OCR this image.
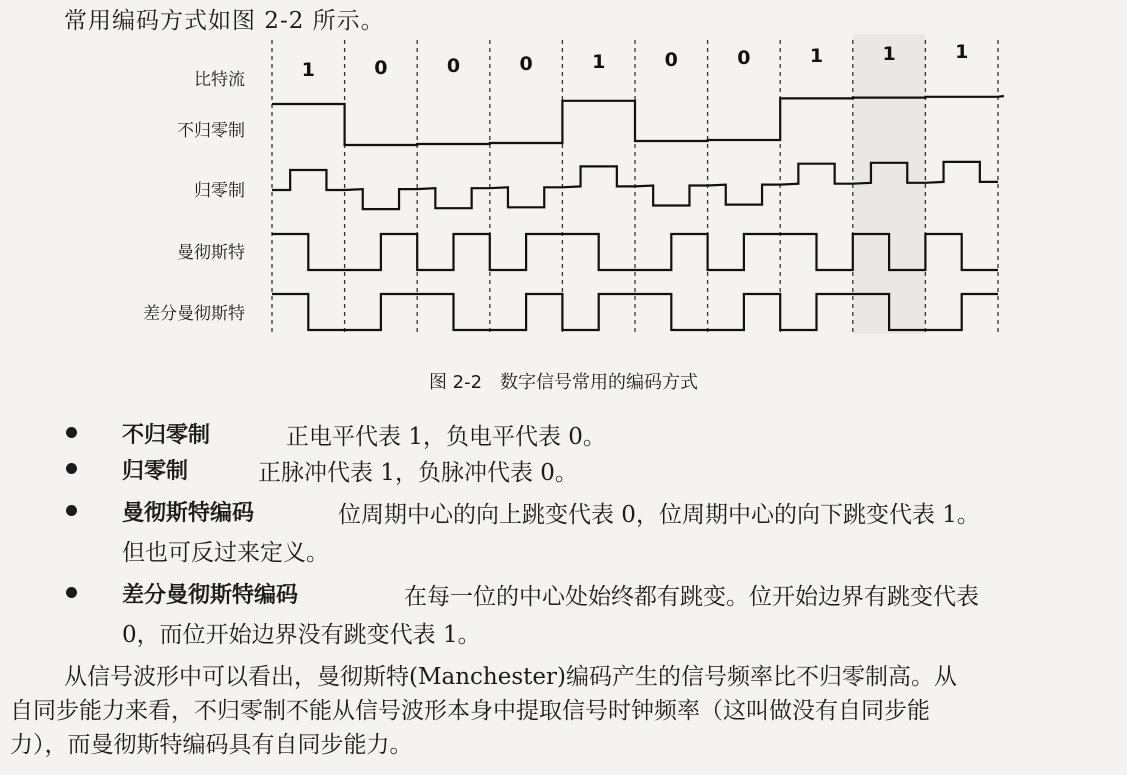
常用编码方式如图 2-2 所示。
比特流
不归零制
归零制
曼彻斯特
差分曼彻斯特
1	0	0	0	1	0	0	1	1	1
图 2-2　数字信号常用的编码方式
不归零制	正电平代表 1，负电平代表 0。
归零制	正脉冲代表 1，负脉冲代表 0。
曼彻斯特编码	位周期中心的向上跳变代表 0，位周期中心的向下跳变代表 1。
但也可反过来定义。
差分曼彻斯特编码	在每一位的中心处始终都有跳变。位开始边界有跳变代表
0，而位开始边界没有跳变代表 1。
从信号波形中可以看出，曼彻斯特(Manchester)编码产生的信号频率比不归零制高。从
自同步能力来看，不归零制不能从信号波形本身中提取信号时钟频率（这叫做没有自同步能
力），而曼彻斯特编码具有自同步能力。
